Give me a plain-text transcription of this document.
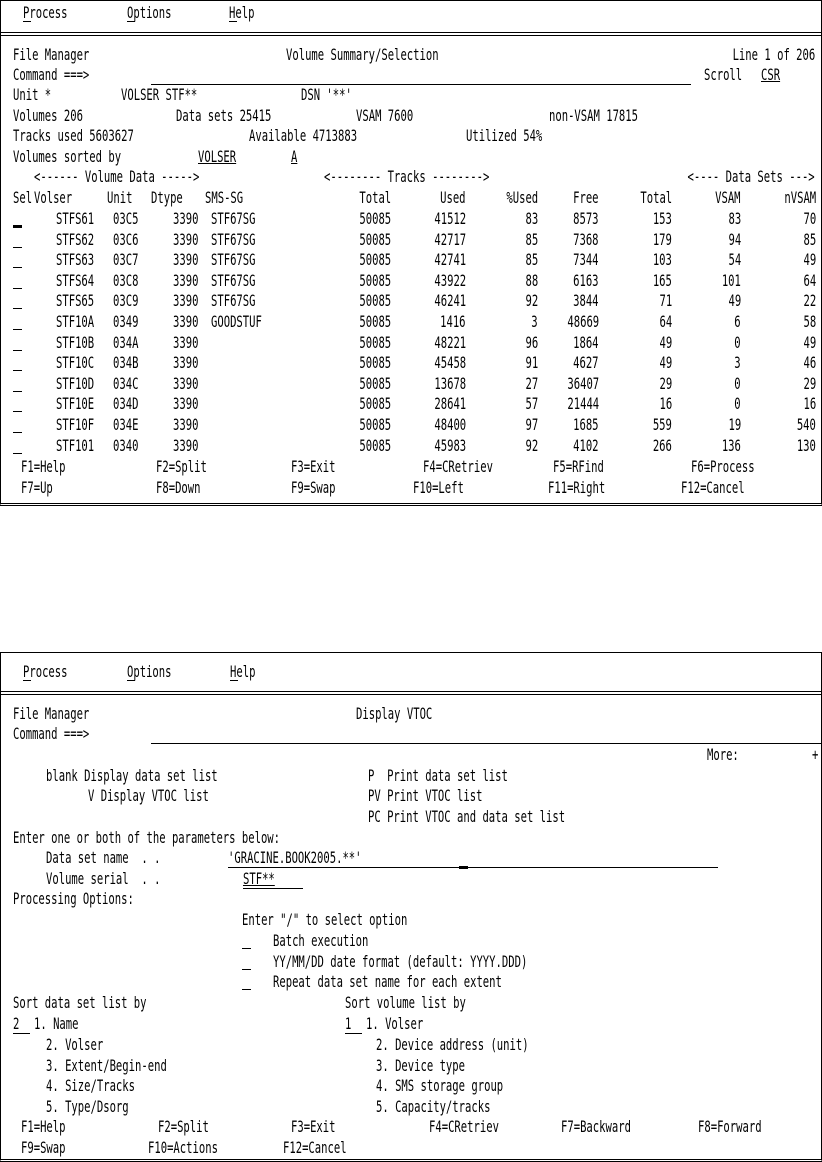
Process	Options	Help
File Manager	Volume Summary/Selection	Line 1 of 206
Command ===>	Scroll CSR
Unit *	VOLSER STF**	DSN '**'
Volumes 206	Data sets 25415	VSAM 7600	non-VSAM 17815
Tracks used 5603627	Available 4713883	Utilized 54%
Volumes sorted by	VOLSER	A
<------ Volume Data ----->	<-------- Tracks -------->	<---- Data Sets --->
Sel Volser Unit Dtype SMS-SG	Total	Used	%Used Free	Total	VSAM	nVSAM
STFS61 03C5 3390 STF67SG	50085	41512	83 8573	153	83	70
STFS62 03C6 3390 STF67SG	50085	42717	85 7368	179	94	85
STFS63 03C7 3390 STF67SG	50085	42741	85 7344	103	54	49
STFS64 03C8 3390 STF67SG	50085	43922	88 6163	165	101	64
STFS65 03C9 3390 STF67SG	50085	46241	92 3844	71	49	22
STF10A 0349 3390 GOODSTUF	50085	1416	3 48669	64	6	58
STF10B 034A 3390	50085	48221	96 1864	49	0	49
STF10C 034B 3390	50085	45458	91 4627	49	3	46
STF10D 034C 3390	50085	13678	27 36407	29	0	29
STF10E 034D 3390	50085	28641	57 21444	16	0	16
STF10F 034E 3390	50085	48400	97 1685	559	19	540
STF101 0340 3390	50085	45983	92 4102	266	136	130
F1=Help	F2=Split	F3=Exit	F4=CRetriev	F5=RFind	F6=Process
F7=Up	F8=Down	F9=Swap	F10=Left	F11=Right	F12=Cancel
Process	Options	Help
File Manager	Display VTOC
Command ===>
More:	+
blank Display data set list	P  Print data set list
V Display VTOC list	PV Print VTOC list
PC Print VTOC and data set list
Enter one or both of the parameters below:
Data set name  . .	'GRACINE.BOOK2005.**'
Volume serial  . .	STF**
Processing Options:
Enter "/" to select option
Batch execution
YY/MM/DD date format (default: YYYY.DDD)
Repeat data set name for each extent
Sort data set list by	Sort volume list by
2	1
1. Name
2. Volser
3. Extent/Begin-end
4. Size/Tracks
5. Type/Dsorg
1. Volser
2. Device address (unit)
3. Device type
4. SMS storage group
5. Capacity/tracks
F1=Help	F2=Split	F3=Exit	F4=CRetriev	F7=Backward	F8=Forward
F9=Swap	F10=Actions	F12=Cancel
